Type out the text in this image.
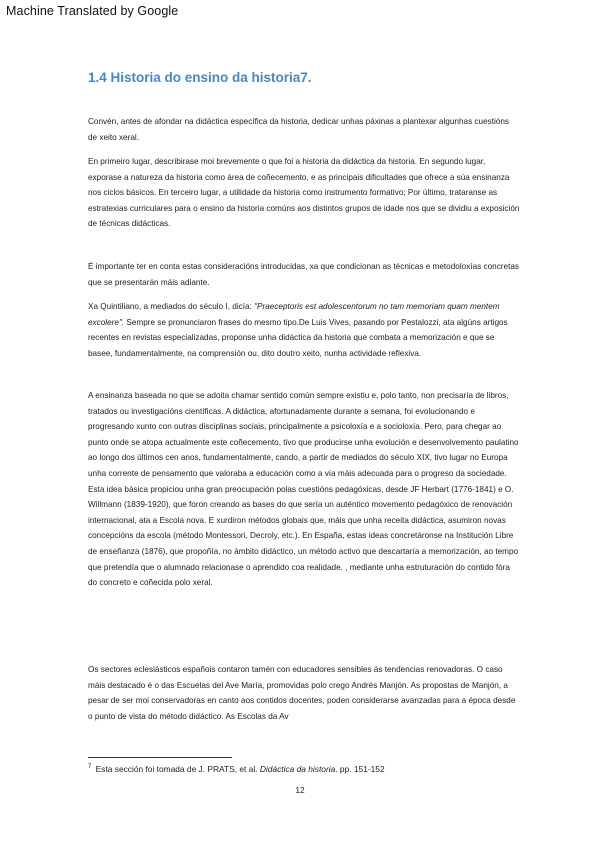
Machine Translated by Google
1.4 Historia do ensino da historia7.

Convén, antes de afondar na didáctica específica da historia, dedicar unhas páxinas a plantexar algunhas cuestións de xeito xeral.

En primeiro lugar, describirase moi brevemente o que foi a historia da didáctica da historia. En segundo lugar, exporase a natureza da historia como área de coñecemento, e as principais dificultades que ofrece a súa ensinanza nos ciclos básicos. En terceiro lugar, a utilidade da historia como instrumento formativo; Por último, trataranse as estratexias curriculares para o ensino da historia comúns aos distintos grupos de idade nos que se dividiu a exposición de técnicas didácticas.

É importante ter en conta estas consideracións introducidas, xa que condicionan as técnicas e metodoloxías concretas que se presentarán máis adiante.

Xa Quintiliano, a mediados do século I, dicía: "Praeceptoris est adolescentorum no tam memoriam quam mentem excolere". Sempre se pronunciaron frases do mesmo tipo.De Luis Vives, pasando por Pestalozzi, ata algúns artigos recentes en revistas especializadas, proponse unha didáctica da historia que combata a memorización e que se basee, fundamentalmente, na comprensión ou, dito doutro xeito, nunha actividade reflexiva.

A ensinanza baseada no que se adoita chamar sentido común sempre existiu e, polo tanto, non precisaría de libros, tratados ou investigacións científicas. A didáctica, afortunadamente durante a semana, foi evolucionando e progresando xunto con outras disciplinas sociais, principalmente a psicoloxía e a socioloxía. Pero, para chegar ao punto onde se atopa actualmente este coñecemento, tivo que producirse unha evolución e desenvolvemento paulatino ao longo dos últimos cen anos, fundamentalmente, cando, a partir de mediados do século XIX, tivo lugar no Europa unha corrente de pensamento que valoraba a educación como a vía máis adecuada para o progreso da sociedade. Esta idea básica propiciou unha gran preocupación polas cuestións pedagóxicas, desde JF Herbart (1776-1841) e O. Willmann (1839-1920), que foron creando as bases do que sería un auténtico movemento pedagóxico de renovación internacional, ata a Escola nova. E xurdiron métodos globais que, máis que unha receita didáctica, asumiron novas concepcións da escola (método Montessori, Decroly, etc.). En España, estas ideas concretáronse na Institución Libre de enseñanza (1876), que propoñía, no ámbito didáctico, un método activo que descartaría a memorización, ao tempo que pretendía que o alumnado relacionase o aprendido coa realidade. , mediante unha estruturación do contido fóra do concreto e coñecida polo xeral.

Os sectores eclesiásticos españois contaron tamén con educadores sensibles ás tendencias renovadoras. O caso máis destacado é o das Escuelas del Ave María, promovidas polo crego Andrés Manjón. As propostas de Manjón, a pesar de ser moi conservadoras en canto aos contidos docentes, poden considerarse avanzadas para a época desde o punto de vista do método didáctico. As Escolas da Av

$^7$ Esta sección foi tomada de J. PRATS, et al. Didáctica da historia. pp. 151-152
12
